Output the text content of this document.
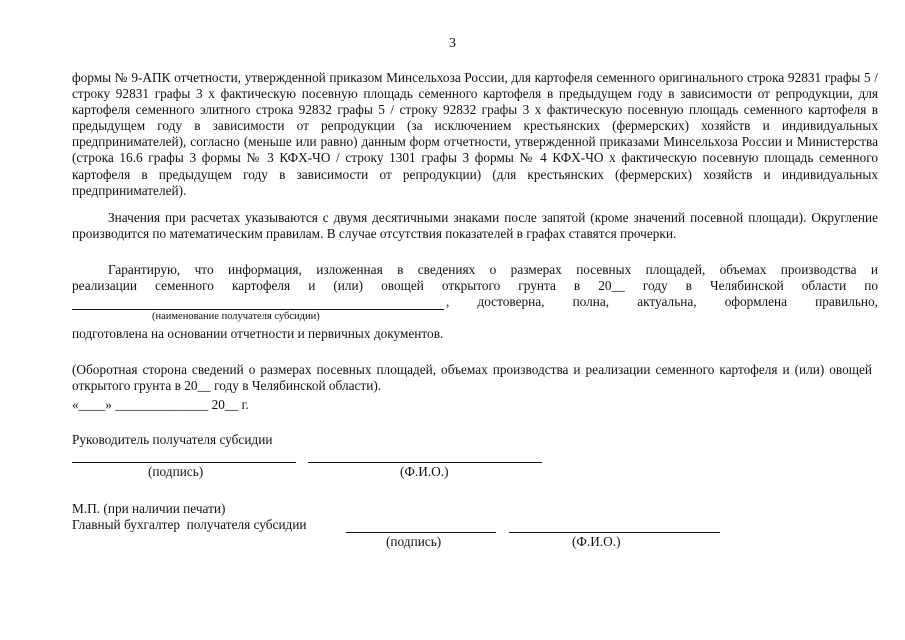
3
формы № 9-АПК отчетности, утвержденной приказом Минсельхоза России, для картофеля семенного оригинального строка 92831 графы 5 / строку 92831 графы 3 х фактическую посевную площадь семенного картофеля в предыдущем году в зависимости от репродукции, для картофеля семенного элитного строка 92832 графы 5 / строку 92832 графы 3 х фактическую посевную площадь семенного картофеля в предыдущем году в зависимости от репродукции (за исключением крестьянских (фермерских) хозяйств и индивидуальных предпринимателей), согласно (меньше или равно) данным форм отчетности, утвержденной приказами Минсельхоза России и Министерства (строка 16.6 графы 3 формы № 3 КФХ-ЧО / строку 1301 графы 3 формы № 4 КФХ-ЧО х фактическую посевную площадь семенного картофеля в предыдущем году в зависимости от репродукции) (для крестьянских (фермерских) хозяйств и индивидуальных предпринимателей).
Значения при расчетах указываются с двумя десятичными знаками после запятой (кроме значений посевной площади). Округление производится по математическим правилам. В случае отсутствия показателей в графах ставятся прочерки.
Гарантирую, что информация, изложенная в сведениях о размерах посевных площадей, объемах производства и
реализации семенного картофеля и (или) овощей открытого грунта в 20__ году в Челябинской области по
, достоверна, полна, актуальна, оформлена правильно,
(наименование получателя субсидии)
подготовлена на основании отчетности и первичных документов.
(Оборотная сторона сведений о размерах посевных площадей, объемах производства и реализации семенного картофеля и (или) овощей открытого грунта в 20__ году в Челябинской области).
«____» ______________ 20__ г.
Руководитель получателя субсидии
(подпись)	(Ф.И.О.)
М.П. (при наличии печати)
Главный бухгалтер  получателя субсидии
(подпись)	(Ф.И.О.)
